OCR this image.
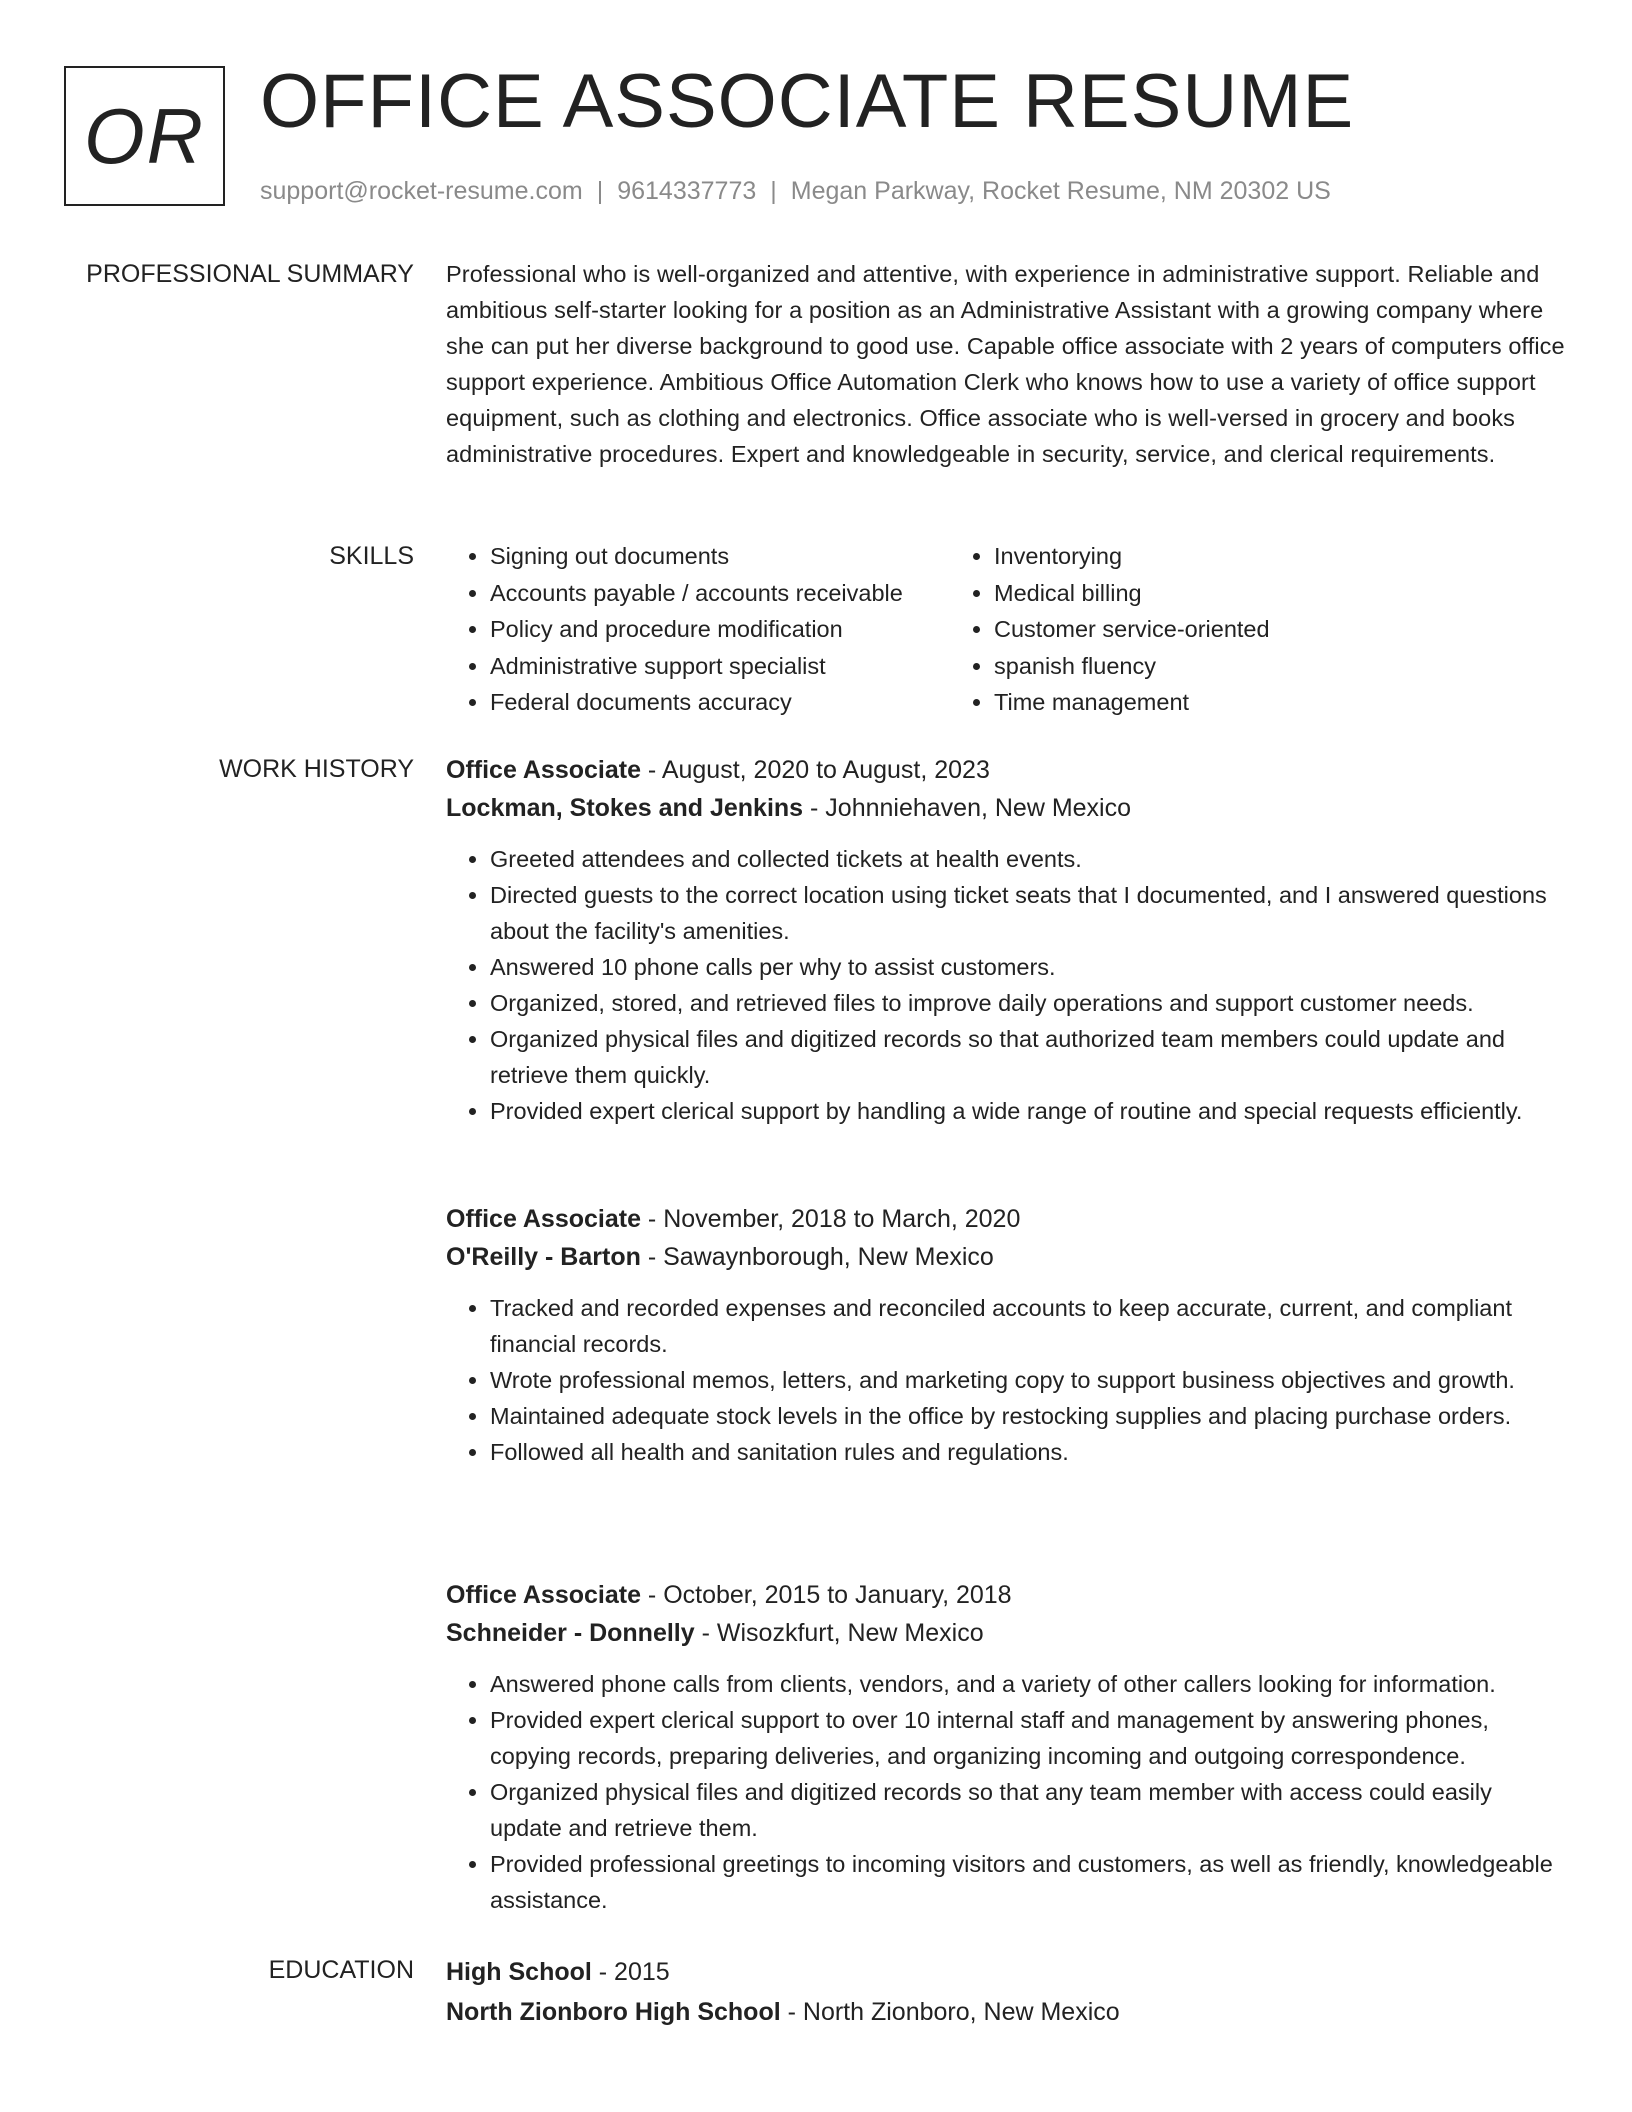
OR OFFICE ASSOCIATE RESUME
support@rocket-resume.com | 9614337773 | Megan Parkway, Rocket Resume, NM 20302 US
PROFESSIONAL SUMMARY Professional who is well-organized and attentive, with experience in administrative support. Reliable and ambitious self-starter looking for a position as an Administrative Assistant with a growing company where she can put her diverse background to good use. Capable office associate with 2 years of computers office support experience. Ambitious Office Automation Clerk who knows how to use a variety of office support equipment, such as clothing and electronics. Office associate who is well-versed in grocery and books administrative procedures. Expert and knowledgeable in security, service, and clerical requirements.

SKILLS
•	Signing out documents
• Accounts payable / accounts receivable
• Policy and procedure modification
• Administrative support specialist
• Federal documents accuracy
• Inventorying
• Medical billing
• Customer service-oriented
• spanish fluency
• Time management
WORK HISTORY Office Associate - August, 2020 to August, 2023
Lockman, Stokes and Jenkins - Johnniehaven, New Mexico
• Greeted attendees and collected tickets at health events.
• Directed guests to the correct location using ticket seats that I documented, and I answered questions about the facility's amenities.
• Answered 10 phone calls per why to assist customers.
• Organized, stored, and retrieved files to improve daily operations and support customer needs.
• Organized physical files and digitized records so that authorized team members could update and retrieve them quickly.
• Provided expert clerical support by handling a wide range of routine and special requests efficiently.
Office Associate - November, 2018 to March, 2020
O'Reilly - Barton - Sawaynborough, New Mexico
• Tracked and recorded expenses and reconciled accounts to keep accurate, current, and compliant financial records.
• Wrote professional memos, letters, and marketing copy to support business objectives and growth.
• Maintained adequate stock levels in the office by restocking supplies and placing purchase orders.
• Followed all health and sanitation rules and regulations.
Office Associate - October, 2015 to January, 2018
Schneider - Donnelly - Wisozkfurt, New Mexico
• Answered phone calls from clients, vendors, and a variety of other callers looking for information.
• Provided expert clerical support to over 10 internal staff and management by answering phones, copying records, preparing deliveries, and organizing incoming and outgoing correspondence.
• Organized physical files and digitized records so that any team member with access could easily update and retrieve them.
• Provided professional greetings to incoming visitors and customers, as well as friendly, knowledgeable assistance.
EDUCATION High School - 2015
North Zionboro High School - North Zionboro, New Mexico
